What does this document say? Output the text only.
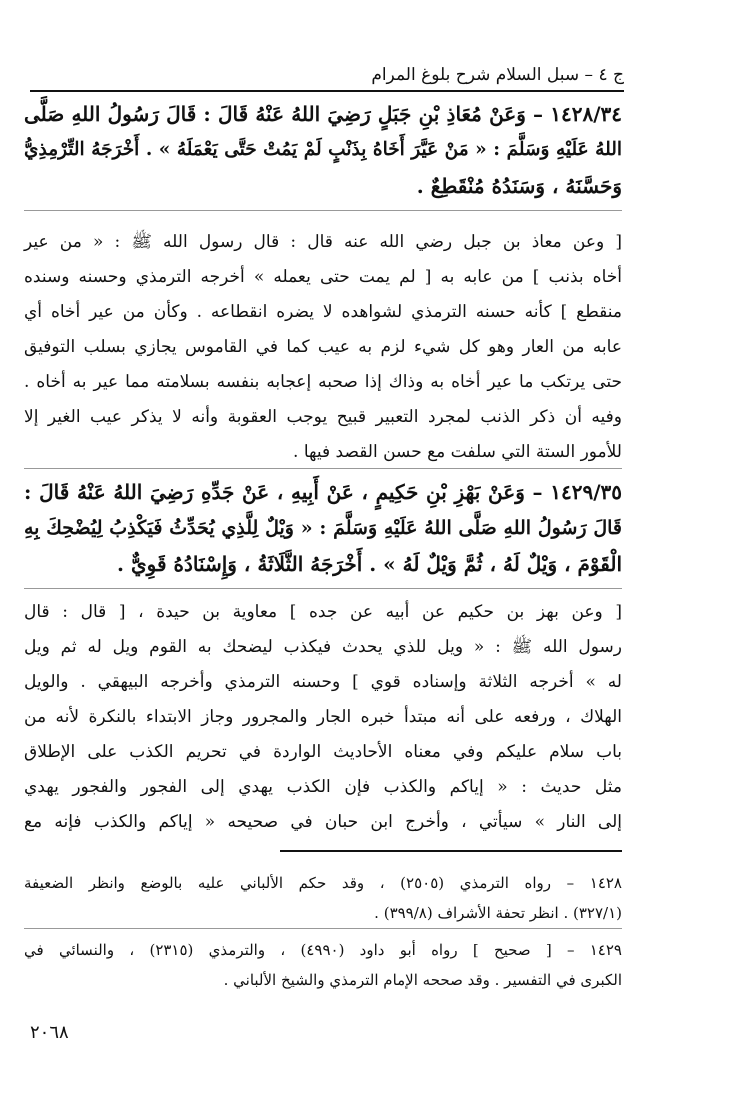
ج ٤ – سبل السلام شرح بلوغ المرام
١٤٢٨/٣٤ – وَعَنْ مُعَاذِ بْنِ جَبَلٍ رَضِيَ اللهُ عَنْهُ قَالَ : قَالَ رَسُولُ اللهِ صَلَّى
اللهُ عَلَيْهِ وَسَلَّمَ : « مَنْ عَيَّرَ أَخَاهُ بِذَنْبٍ لَمْ يَمُتْ حَتَّى يَعْمَلَهُ » . أَخْرَجَهُ التِّرْمِذِيُّ
وَحَسَّنَهُ ، وَسَنَدُهُ مُنْقَطِعٌ .
[ وعن معاذ بن جبل رضي الله عنه قال : قال رسول الله ﷺ : « من عير
أخاه بذنب ] من عابه به [ لم يمت حتى يعمله » أخرجه الترمذي وحسنه وسنده
منقطع ] كأنه حسنه الترمذي لشواهده لا يضره انقطاعه . وكأن من عير أخاه أي
عابه من العار وهو كل شيء لزم به عيب كما في القاموس يجازي بسلب التوفيق
حتى يرتكب ما عير أخاه به وذاك إذا صحبه إعجابه بنفسه بسلامته مما عير به أخاه .
وفيه أن ذكر الذنب لمجرد التعبير قبيح يوجب العقوبة وأنه لا يذكر عيب الغير إلا
للأمور الستة التي سلفت مع حسن القصد فيها .
١٤٢٩/٣٥ – وَعَنْ بَهْزِ بْنِ حَكِيمٍ ، عَنْ أَبِيهِ ، عَنْ جَدِّهِ رَضِيَ اللهُ عَنْهُ قَالَ :
قَالَ رَسُولُ اللهِ صَلَّى اللهُ عَلَيْهِ وَسَلَّمَ : « وَيْلٌ لِلَّذِي يُحَدِّثُ فَيَكْذِبُ لِيُضْحِكَ بِهِ
الْقَوْمَ ، وَيْلٌ لَهُ ، ثُمَّ وَيْلٌ لَهُ » . أَخْرَجَهُ الثَّلَاثَةُ ، وَإِسْنَادُهُ قَوِيٌّ .
[ وعن بهز بن حكيم عن أبيه عن جده ] معاوية بن حيدة ، [ قال : قال
رسول الله ﷺ : « ويل للذي يحدث فيكذب ليضحك به القوم ويل له ثم ويل
له » أخرجه الثلاثة وإسناده قوي ] وحسنه الترمذي وأخرجه البيهقي . والويل
الهلاك ، ورفعه على أنه مبتدأ خبره الجار والمجرور وجاز الابتداء بالنكرة لأنه من
باب سلام عليكم وفي معناه الأحاديث الواردة في تحريم الكذب على الإطلاق
مثل حديث : « إياكم والكذب فإن الكذب يهدي إلى الفجور والفجور يهدي
إلى النار » سيأتي ، وأخرج ابن حبان في صحيحه « إياكم والكذب فإنه مع
١٤٢٨ – رواه الترمذي (٢٥٠٥) ، وقد حكم الألباني عليه بالوضع وانظر الضعيفة
(٣٢٧/١) . انظر تحفة الأشراف (٣٩٩/٨) .
١٤٢٩ – [ صحيح ] رواه أبو داود (٤٩٩٠) ، والترمذي (٢٣١٥) ، والنسائي في
الكبرى في التفسير . وقد صححه الإمام الترمذي والشيخ الألباني .
٢٠٦٨
